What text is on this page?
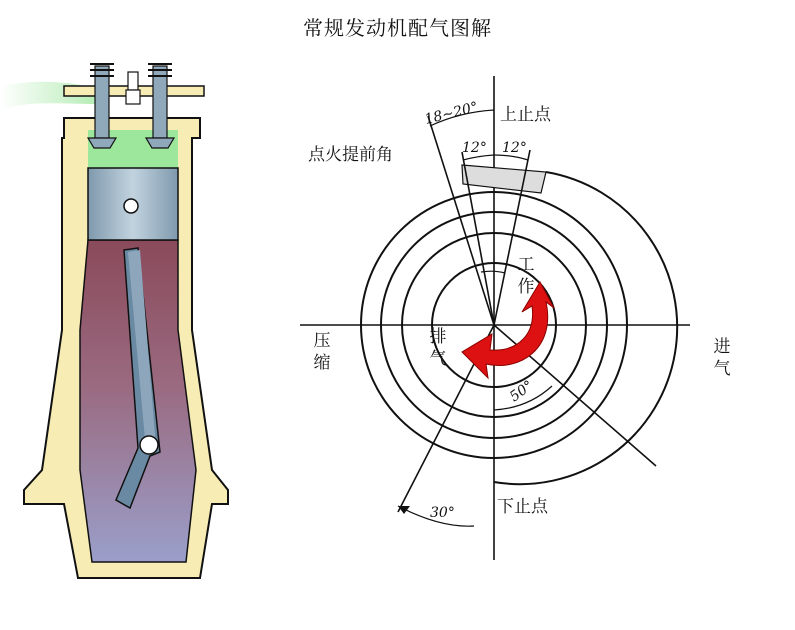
常规发动机配气图解
18~20°
12° 12°
50°
30°
上止点
点火提前角
下止点
工
作
排
气
压
缩
进
气
